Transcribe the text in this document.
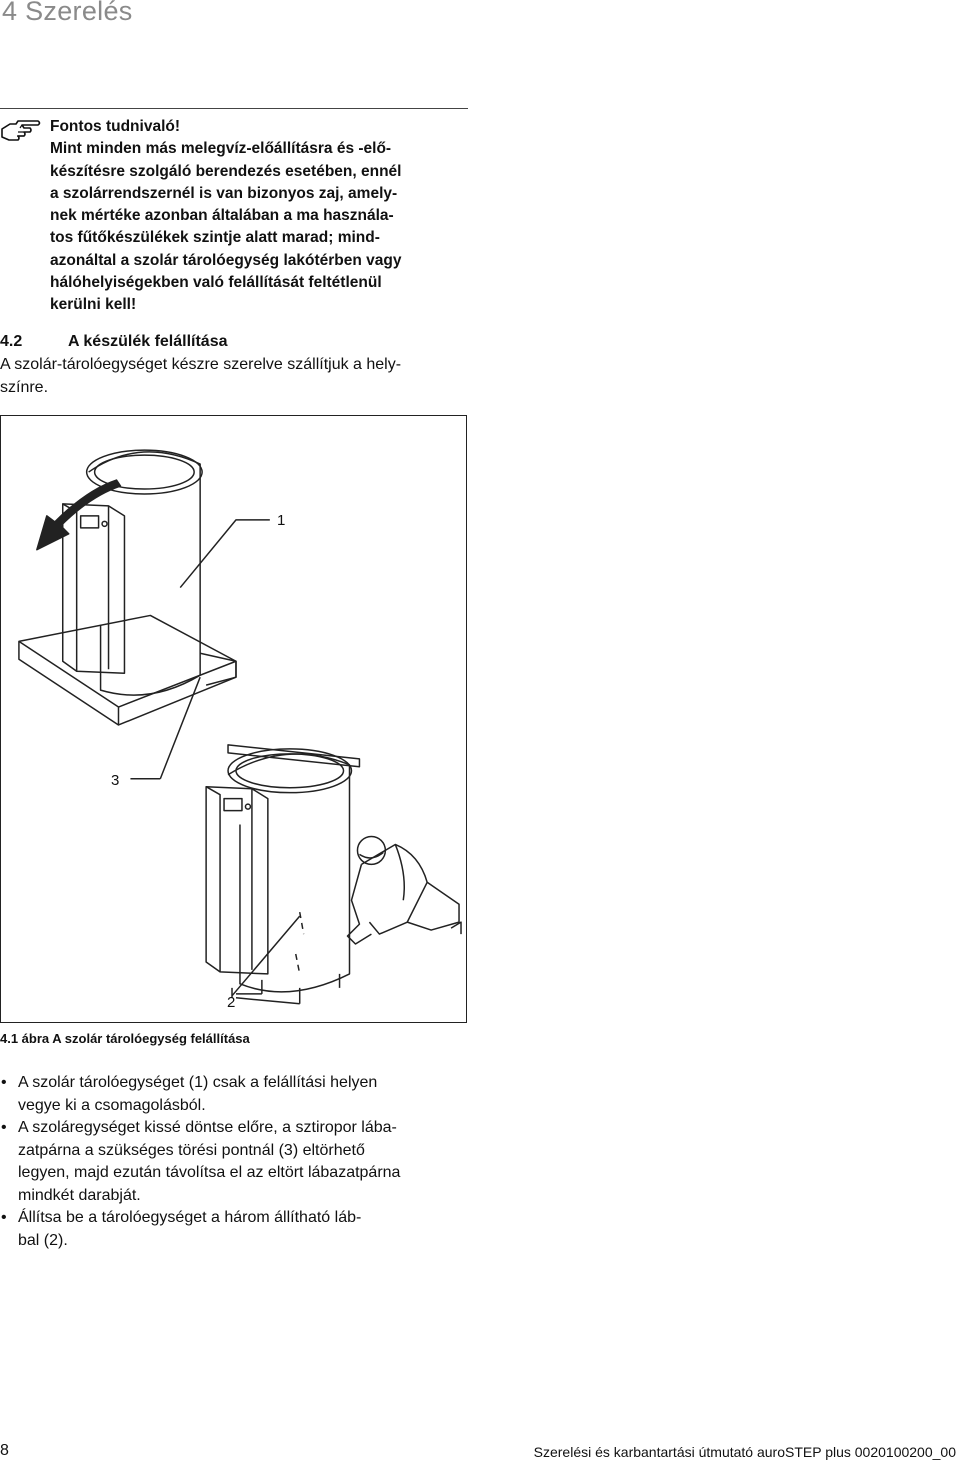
4 Szerelés
Fontos tudnivaló!
Mint minden más melegvíz-előállításra és -elő-
készítésre szolgáló berendezés esetében, ennél
a szolárrendszernél is van bizonyos zaj, amely-
nek mértéke azonban általában a ma használa-
tos fűtőkészülékek szintje alatt marad; mind-
azonáltal a szolár tárolóegység lakótérben vagy
hálóhelyiségekben való felállítását feltétlenül
kerülni kell!
4.2	A készülék felállítása
A szolár-tárolóegységet készre szerelve szállítjuk a hely-
színre.
1
3
2
4.1 ábra A szolár tárolóegység felállítása
• A szolár tárolóegységet (1) csak a felállítási helyen
vegye ki a csomagolásból.
• A szoláregységet kissé döntse előre, a sztiropor lába-
zatpárna a szükséges törési pontnál (3) eltörhető
legyen, majd ezután távolítsa el az eltört lábazatpárna
mindkét darabját.
• Állítsa be a tárolóegységet a három állítható láb-
bal (2).
8	Szerelési és karbantartási útmutató auroSTEP plus 0020100200_00
